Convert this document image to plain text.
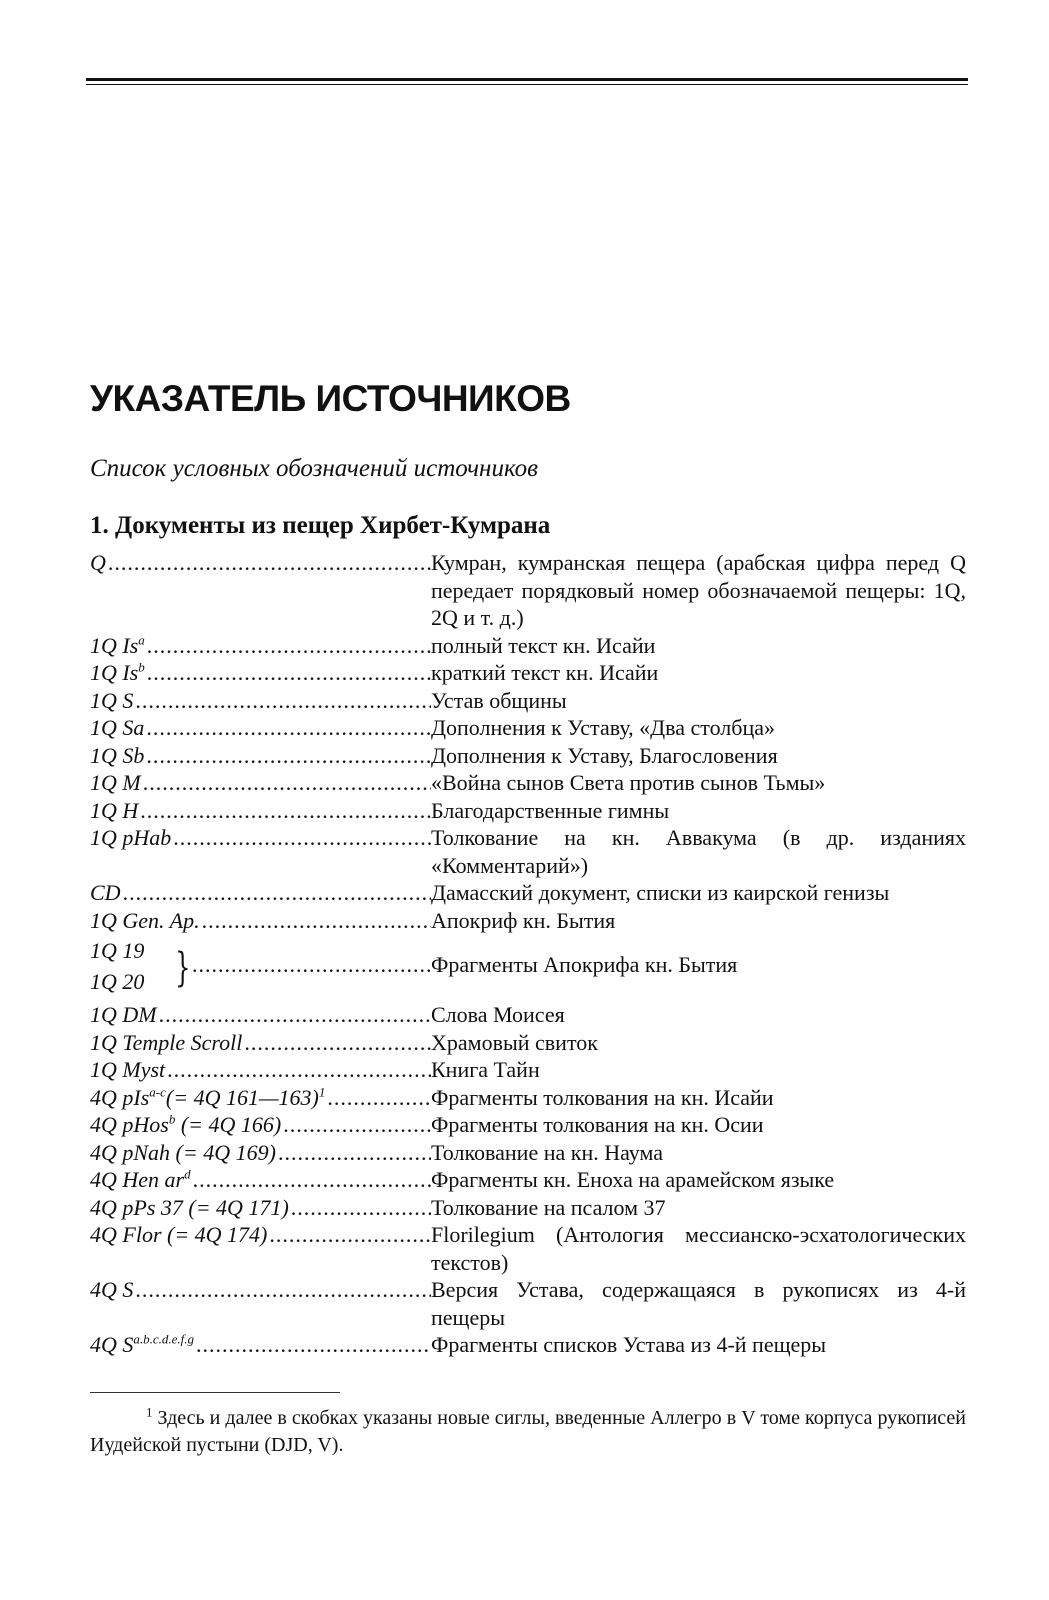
УКАЗАТЕЛЬ ИСТОЧНИКОВ

Список условных обозначений источников

1. Документы из пещер Хирбет-Кумрана
Q .....	Кумран, кумранская пещера (арабская цифра перед Q передает порядковый номер обозначаемой пещеры: 1Q, 2Q и т. д.)
1Q Is$^a$ .....	полный текст кн. Исайи
1Q Is$^b$ .....	краткий текст кн. Исайи
1Q S .....	Устав общины
1Q Sa .....	Дополнения к Уставу, «Два столбца»
1Q Sb .....	Дополнения к Уставу, Благословения
1Q M .....	«Война сынов Света против сынов Тьмы»
1Q H .....	Благодарственные гимны
1Q pHab .....	Толкование на кн. Аввакума (в др. изданиях «Комментарий»)
CD .....	Дамасский документ, списки из каирской генизы
1Q Gen. Ap. .....	Апокриф кн. Бытия
1Q 19
1Q 20 } .....	Фрагменты Апокрифа кн. Бытия
1Q DM .....	Слова Моисея
1Q Temple Scroll .....	Храмовый свиток
1Q Myst .....	Книга Тайн
4Q pIs$^{a-c}$(= 4Q 161—163)$^1$ .....	Фрагменты толкования на кн. Исайи
4Q pHos$^b$ (= 4Q 166) .....	Фрагменты толкования на кн. Осии
4Q pNah (= 4Q 169) .....	Толкование на кн. Наума
4Q Hen $ar^d$ .....	Фрагменты кн. Еноха на арамейском языке
4Q pPs 37 (= 4Q 171) .....	Толкование на псалом 37
4Q Flor (= 4Q 174) .....	Florilegium (Антология мессианско-эсхатологических текстов)
4Q S .....	Версия Устава, содержащаяся в рукописях из 4-й пещеры
4Q $S^{a.b.c.d.e.f.g}$ .....	Фрагменты списков Устава из 4-й пещеры

$^1$ Здесь и далее в скобках указаны новые сиглы, введенные Аллегро в V томе корпуса рукописей Иудейской пустыни (DJD, V).
